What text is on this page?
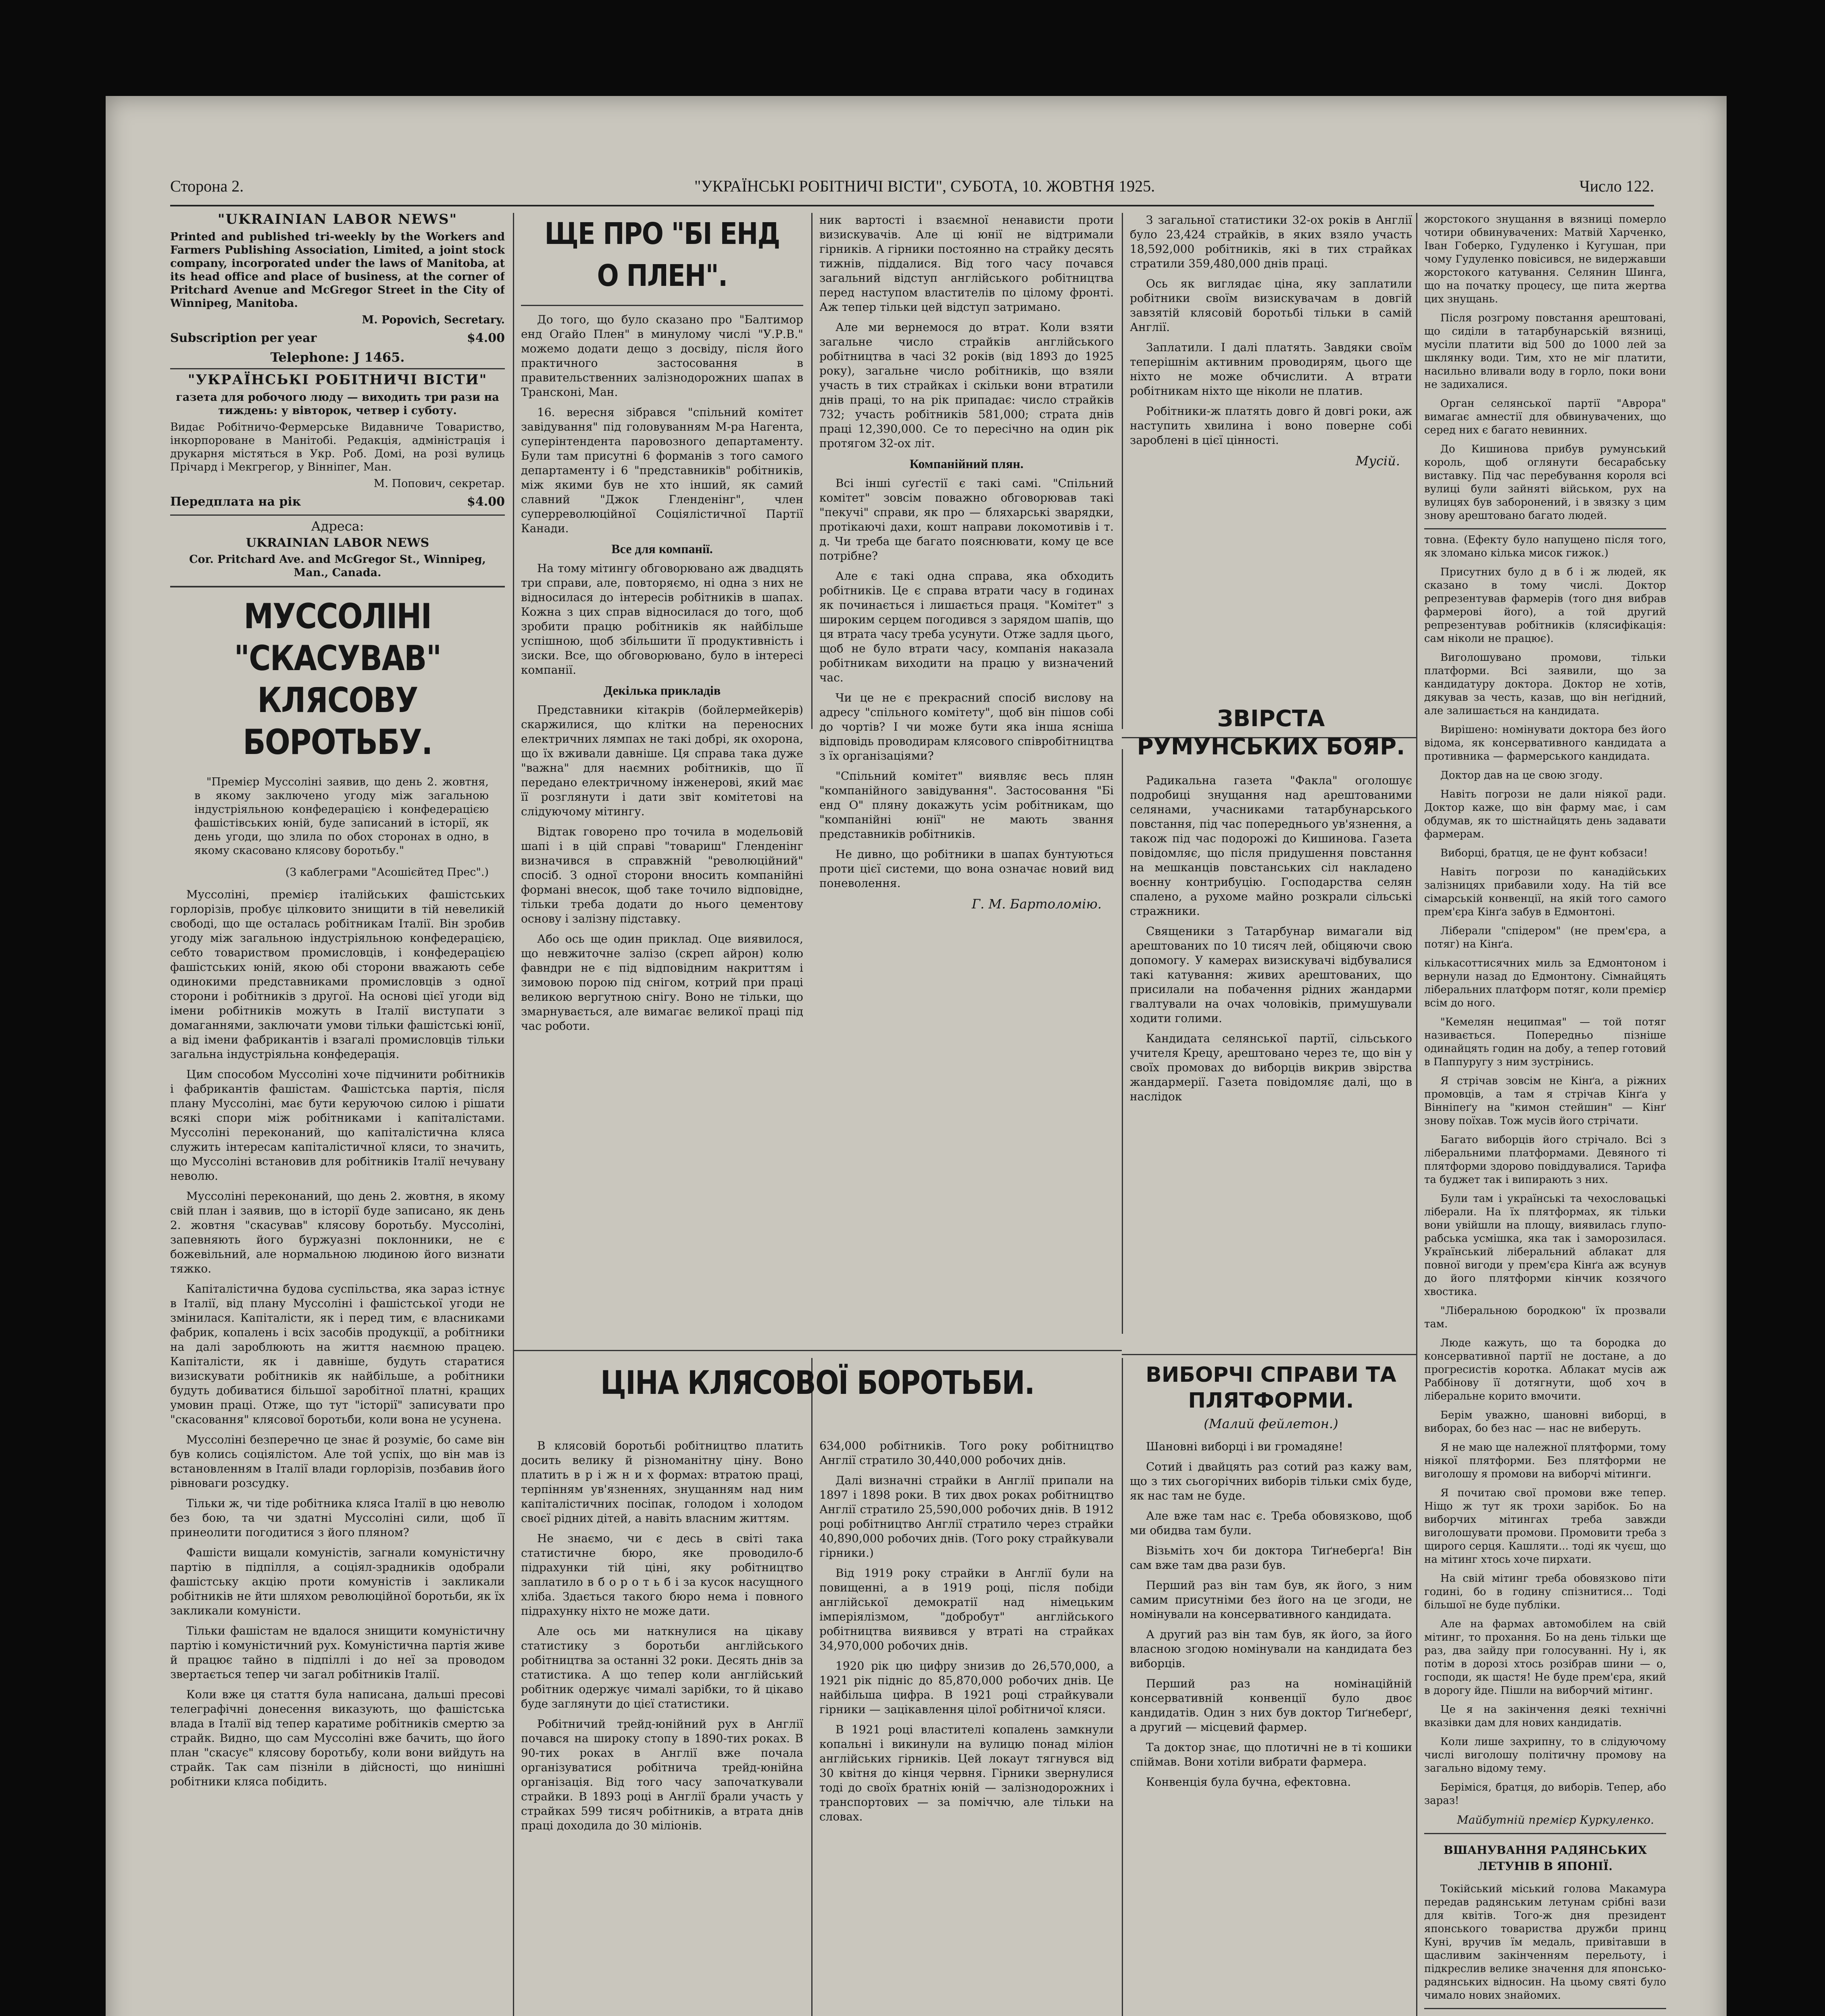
Сторона 2.	"УКРАЇНСЬКІ РОБІТНИЧІ ВІСТИ", СУБОТА, 10. ЖОВТНЯ 1925.	Число 122.
"UKRAINIAN LABOR NEWS"
Printed and published tri-weekly by the Workers and Farmers Publishing Association, Limited, a joint stock company, incorporated under the laws of Manitoba, at its head office and place of business, at the corner of Pritchard Avenue and McGregor Street in the City of Winnipeg, Manitoba.
M. Popovich, Secretary.
Subscription per year	$4.00
Telephone: J 1465.
"УКРАЇНСЬКІ РОБІТНИЧІ ВІСТИ"
газета для робочого люду — виходить три рази на тиждень: у вівторок, четвер і суботу.
Видає Робітничо-Фермерське Видавниче Товариство, інкорпороване в Манітобі. Редакція, адміністрація і друкарня містяться в Укр. Роб. Домі, на розі вулиць Прічард і Мекгрегор, у Вінніпег, Ман.
М. Попович, секретар.
Передплата на рік	$4.00
Адреса:
UKRAINIAN LABOR NEWS
Cor. Pritchard Ave. and McGregor St., Winnipeg, Man., Canada.
МУССОЛІНІ "СКАСУВАВ" КЛЯСОВУ БОРОТЬБУ.
"Премієр Муссоліні заявив, що день 2. жовтня, в якому заключено угоду між загальною індустріяльною конфедерацією і конфедерацією фашістівських юній, буде записаний в історії, як день угоди, що злила по обох сторонах в одно, в якому скасовано клясову боротьбу."
(З каблеграми "Асошієйтед Прес".)

Муссоліні, премієр італійських фашістських горлорізів, пробує цілковито знищити в тій невеликій свободі, що ще осталась робітникам Італії. Він зробив угоду між загальною індустріяльною конфедерацією, себто товариством промисловців, і конфедерацією фашістських юній, якою обі сторони вважають себе одинокими представниками промисловців з одної сторони і робітників з другої. На основі цієї угоди від імени робітників можуть в Італії виступати з домаганнями, заключати умови тільки фашістські юнії, а від імени фабрикантів і взагалі промисловців тільки загальна індустріяльна конфедерація.

Цим способом Муссоліні хоче підчинити робітників і фабрикантів фашістам. Фашістська партія, після плану Муссоліні, має бути керуючою силою і рішати всякі спори між робітниками і капіталістами. Муссоліні переконаний, що капіталістична кляса служить інтересам капіталістичної кляси, то значить, що Муссоліні встановив для робітників Італії нечувану неволю.

Муссоліні переконаний, що день 2. жовтня, в якому свій план і заявив, що в історії буде записано, як день 2. жовтня "скасував" клясову боротьбу. Муссоліні, запевняють його буржуазні поклонники, не є божевільний, але нормальною людиною його визнати тяжко.

Капіталістична будова суспільства, яка зараз істнує в Італії, від плану Муссоліні і фашістської угоди не змінилася. Капіталісти, як і перед тим, є власниками фабрик, копалень і всіх засобів продукції, а робітники на далі зароблюють на життя наємною працею. Капіталісти, як і давніше, будуть старатися визискувати робітників як найбільше, а робітники будуть добиватися більшої заробітної платні, кращих умовин праці. Отже, що тут "історії" записувати про "скасовання" клясової боротьби, коли вона не усунена.

Муссоліні безперечно це знає й розуміє, бо саме він був колись соціялістом. Але той успіх, що він мав із встановленням в Італії влади горлорізів, позбавив його рівноваги розсудку.

Тільки ж, чи тіде робітника кляса Італії в цю неволю без бою, та чи здатні Муссоліні сили, щоб її принеолити погодитися з його пляном?

Фашісти вищали комуністів, загнали комуністичну партію в підпілля, а соціял-зрадників одобрали фашістську акцію проти комуністів і закликали робітників не йти шляхом революційної боротьби, як їх закликали комуністи.

Тільки фашістам не вдалося знищити комуністичну партію і комуністичний рух. Комуністична партія живе й працює тайно в підпіллі і до неї за проводом звертається тепер чи загал робітників Італії.

Коли вже ця стаття була написана, дальші пресові телеграфічні донесення виказують, що фашістська влада в Італії від тепер каратиме робітників смертю за страйк. Видно, що сам Муссоліні вже бачить, що його план "скасує" клясову боротьбу, коли вони вийдуть на страйк. Так сам пізніли в дійсності, що нинішні робітники кляса побідить.

ЩЕ ПРО "БІ ЕНД О ПЛЕН".

До того, що було сказано про "Балтимор енд Огайо Плен" в минулому числі "У.Р.В." можемо додати дещо з досвіду, після його практичного застосовання в правительственних залізнодорожних шапах в Трансконі, Ман.

16. вересня зібрався "спільний комітет завідування" під головуванням М-ра Нагента, суперінтендента паровозного департаменту. Були там присутні 6 форманів з того самого департаменту і 6 "представників" робітників, між якими був не хто інший, як самий славний "Джок Гленденінг", член суперреволюційної Соціялістичної Партії Канади.

Все для компанії.

На тому мітингу обговорювано аж двадцять три справи, але, повторяємо, ні одна з них не відносилася до інтересів робітників в шапах. Кожна з цих справ відносилася до того, щоб зробити працю робітників як найбільше успішною, щоб збільшити її продуктивність і зиски. Все, що обговорювано, було в інтересі компанії.

Декілька прикладів

Представники кітакрів (бойлермейкерів) скаржилися, що клітки на переносних електричних лямпах не такі добрі, як охорона, що їх вживали давніше. Ця справа така дуже "важна" для наємних робітників, що її передано електричному інженерові, який має її розглянути і дати звіт комітетові на слідуючому мітингу.

Відтак говорено про точила в модельовій шапі і в цій справі "товариш" Гленденінг визначився в справжній "революційний" спосіб. З одної сторони вносить компанійні формані внесок, щоб таке точило відповідне, тільки треба додати до нього цементову основу і залізну підставку.

Або ось ще один приклад. Оце виявилося, що невжиточне залізо (скреп айрон) колю фавндри не є під відповідним накриттям і зимовою порою під снігом, котрий при праці великою вергутною снігу. Воно не тільки, що змарнувається, але вимагає великої праці під час роботи.

ник вартості і взаємної ненависти проти визискувачів. Але ці юнії не відтримали гірників. А гірники постоянно на страйку десять тижнів, піддалися. Від того часу почався загальний відступ англійського робітництва перед наступом властителів по цілому фронті. Аж тепер тільки цей відступ затримано.

Але ми вернемося до втрат. Коли взяти загальне число страйків англійського робітництва в часі 32 років (від 1893 до 1925 року), загальне число робітників, що взяли участь в тих страйках і скільки вони втратили днів праці, то на рік припадає: число страйків 732; участь робітників 581,000; страта днів праці 12,390,000. Се то пересічно на один рік протягом 32-ох літ.

Компанійний плян.

Всі інші суґестії є такі самі. "Спільний комітет" зовсім поважно обговорював такі "пекучі" справи, як про — бляхарські зварядки, протікаючі дахи, кошт направи локомотивів і т. д. Чи треба ще багато пояснювати, кому це все потрібне?

Але є такі одна справа, яка обходить робітників. Це є справа втрати часу в годинах як починається і лишається праця. "Комітет" з широким серцем погодився з зарядом шапів, що ця втрата часу треба усунути. Отже задля цього, щоб не було втрати часу, компанія наказала робітникам виходити на працю у визначений час.

Чи це не є прекрасний спосіб вислову на адресу "спільного комітету", щоб він пішов собі до чортів? І чи може бути яка інша ясніша відповідь проводирам клясового співробітництва з їх організаціями?

"Спільний комітет" виявляє весь плян "компанійного завідування". Застосовання "Бі енд О" пляну докажуть усім робітникам, що "компанійні юнії" не мають звання представників робітників.

Не дивно, що робітники в шапах бунтуються проти цієї системи, що вона означає новий вид поневолення.

Г. М. Бартоломію.

З загальної статистики 32-ох років в Англії було 23,424 страйків, в яких взяло участь 18,592,000 робітників, які в тих страйках стратили 359,480,000 днів праці.

Ось як виглядає ціна, яку заплатили робітники своїм визискувачам в довгій завзятій клясовій боротьбі тільки в самій Англії.

Заплатили. І далі платять. Завдяки своїм теперішнім активним проводирям, цього ще ніхто не може обчислити. А втрати робітникам ніхто ще ніколи не платив.

Робітники-ж платять довго й довгі роки, аж наступить хвилина і воно поверне собі зароблені в цієї цінності.

Мусій.
ЗВІРСТА РУМУНСЬКИХ БОЯР.

Радикальна газета "Факла" оголошує подробиці знущання над арештованими селянами, учасниками татарбунарського повстання, під час попереднього ув'язнення, а також під час подорожі до Кишинова. Газета повідомляє, що після придушення повстання на мешканців повстанських сіл накладено воєнну контрибуцію. Господарства селян спалено, а рухоме майно розкрали сільські стражники.

Священики з Татарбунар вимагали від арештованих по 10 тисяч лей, обіцяючи свою допомогу. У камерах визискувачі відбувалися такі катування: живих арештованих, що присилали на побачення рідних жандарми гвалтували на очах чоловіків, примушували ходити голими.

Кандидата селянської партії, сільського учителя Крецу, арештовано через те, що він у своїх промовах до виборців викрив звірства жандармерії. Газета повідомляє далі, що в наслідок

ЦІНА КЛЯСОВОЇ БОРОТЬБИ.

В клясовій боротьбі робітництво платить досить велику й різноманітну ціну. Воно платить в р і ж н и х формах: втратою праці, терпінням ув'язненнях, знущанням над ним капіталістичних посіпак, голодом і холодом своєї рідних дітей, а навіть власним життям.

Не знаємо, чи є десь в світі така статистичне бюро, яке проводило-б підрахунки тій ціні, яку робітництво заплатило в б о р о т ь б і за кусок насущного хліба. Здається такого бюро нема і повного підрахунку ніхто не може дати.

Але ось ми наткнулися на цікаву статистику з боротьби англійського робітництва за останні 32 роки. Десять днів за статистика. А що тепер коли англійський робітник одержує чималі зарібки, то й цікаво буде заглянути до цієї статистики.

Робітничий трейд-юнійний рух в Англії почався на широку стопу в 1890-тих роках. В 90-тих роках в Англії вже почала організуватися робітнича трейд-юнійна організація. Від того часу започаткували страйки. В 1893 році в Англії брали участь у страйках 599 тисяч робітників, а втрата днів праці доходила до 30 міліонів.

634,000 робітників. Того року робітництво Англії стратило 30,440,000 робочих днів.

Далі визначні страйки в Англії припали на 1897 і 1898 роки. В тих двох роках робітництво Англії стратило 25,590,000 робочих днів. В 1912 році робітництво Англії стратило через страйки 40,890,000 робочих днів. (Того року страйкували гірники.)

Від 1919 року страйки в Англії були на повищенні, а в 1919 році, після побіди англійської демократії над німецьким імперіялізмом, "добробут" англійського робітництва виявився у втраті на страйках 34,970,000 робочих днів.

1920 рік цю цифру знизив до 26,570,000, а 1921 рік підніс до 85,870,000 робочих днів. Це найбільша цифра. В 1921 році страйкували гірники — зацікавлення цілої робітничої кляси.

В 1921 році властителі копалень замкнули копальні і викинули на вулицю понад міліон англійських гірників. Цей локаут тягнувся від 30 квітня до кінця червня. Гірники звернулися тоді до своїх братніх юній — залізнодорожних і транспортових — за поміччю, але тільки на словах.

ВИБОРЧІ СПРАВИ ТА ПЛЯТФОРМИ.
(Малий фейлетон.)

Шановні виборці і ви громадяне!

Сотий і двайцять раз сотий раз кажу вам, що з тих сьогорічних виборів тільки сміх буде, як нас там не буде.

Але вже там нас є. Треба обовязково, щоб ми обидва там були.

Візьміть хоч би доктора Тиґнеберґа! Він сам вже там два рази був.

Перший раз він там був, як його, з ним самим присутніми без його на це згоди, не номінували на консервативного кандидата.

А другий раз він там був, як його, за його власною згодою номінували на кандидата без виборців.

Перший раз на номінаційній консервативній конвенції було двоє кандидатів. Один з них був доктор Тиґнеберґ, а другий — місцевий фармер.

Та доктор знає, що плотичні не в ті кошики спіймав. Вони хотіли вибрати фармера.

Конвенція була бучна, ефектовна.

жорстокого знущання в вязниці померло чотири обвинувачених: Матвій Харченко, Іван Гоберко, Гудуленко і Кугушан, при чому Гудуленко повісився, не видержавши жорстокого катування. Селянин Шинга, що на початку процесу, ще пита жертва цих знущань.

Після розгрому повстання арештовані, що сиділи в татарбунарській вязниці, мусіли платити від 500 до 1000 лей за шклянку води. Тим, хто не міг платити, насильно вливали воду в горло, поки вони не задихалися.

Орган селянської партії "Аврора" вимагає амнестії для обвинувачених, що серед них є багато невинних.

До Кишинова прибув румунський король, щоб оглянути бесарабську виставку. Під час перебування короля всі вулиці були зайняті військом, рух на вулицях був заборонений, і в звязку з цим знову арештовано багато людей.

товна. (Ефекту було напущено після того, як зломано кілька мисок гижок.)

Присутних було д в б і ж людей, як сказано в тому числі. Доктор репрезентував фармерів (того дня вибрав фармерові його), а той другий репрезентував робітників (клясифікація: сам ніколи не працює).

Виголошувано промови, тільки платформи. Всі заявили, що за кандидатуру доктора. Доктор не хотів, дякував за честь, казав, що він неґідний, але залишається на кандидата.

Вирішено: номінувати доктора без його відома, як консервативного кандидата а противника — фармерського кандидата.

Доктор дав на це свою згоду.

Навіть погрози не дали ніякої ради. Доктор каже, що він фарму має, і сам обдумав, як то шістнайцять день задавати фармерам.

Виборці, братця, це не фунт кобзаси!

Навіть погрози по канадійських залізницях прибавили ходу. На тій все сімарській конвенції, на якій того самого прем'єра Кінґа забув в Едмонтоні.

Ліберали "спідером" (не прем'єра, а потяг) на Кінґа.

кількасоттисячних миль за Едмонтоном і вернули назад до Едмонтону. Сімнайцять ліберальних платформ потяг, коли премієр всім до ного.

"Кемелян неципмая" — той потяг називається. Попередньо пізніше одинайцять годин на добу, а тепер готовий в Паппуругу з ним зустрінись.

Я стрічав зовсім не Кінґа, а ріжних промовців, а там я стрічав Кінґа у Вінніпеґу на "кимон стейшин" — Кінґ знову поїхав. Тож мусів його стрічати.

Багато виборців його стрічало. Всі з ліберальними платформами. Девяного ті плятформи здорово повіддувалися. Тарифа та буджет так і випирають з них.

Були там і українські та чехословацькі ліберали. На їх плятформах, як тільки вони увійшли на площу, виявилась глупо-рабська усмішка, яка так і заморозилася. Український ліберальний аблакат для повної вигоди у прем'єра Кінґа аж всунув до його плятформи кінчик козячого хвостика.

"Ліберальною бородкою" їх прозвали там.

Люде кажуть, що та бородка до консервативної партії не достане, а до прогресистів коротка. Аблакат мусів аж Раббінову її дотягнути, щоб хоч в ліберальне корито вмочити.

Берім уважно, шановні виборці, в виборах, бо без нас — нас не виберуть.

Я не маю ще належної плятформи, тому ніякої плятформи. Без плятформи не виголошу я промови на виборчі мітинги.

Я почитаю свої промови вже тепер. Ніщо ж тут як трохи зарібок. Бо на виборчих мітингах треба завжди виголошувати промови. Промовити треба з щирого серця. Кашляти... тоді як чуєш, що на мітинг хтось хоче пирхати.

На свій мітинг треба обовязково піти годині, бо в годину спізнитися... Тоді більшої не буде публіки.

Але на фармах автомобілем на свій мітинг, то прохання. Бо на день тільки ще раз, два зайду при голосуванні. Ну і, як потім в дорозі хтось розібрав шини — о, господи, як щастя! Не буде прем'єра, який в дорогу йде. Пішли на виборчий мітинг.

Це я на закінчення деякі технічні вказівки дам для нових кандидатів.

Коли лише захрипну, то в слідуючому числі виголошу політичну промову на загально відому тему.

Беріміся, братця, до виборів. Тепер, або зараз!

Майбутній премієр Куркуленко.
ВШАНУВАННЯ РАДЯНСЬКИХ ЛЕТУНІВ В ЯПОНІЇ.

Токійський міський голова Макамура передав радянським летунам срібні вази для квітів. Того-ж дня президент японського товариства дружби принц Куні, вручив їм медаль, привітавши в щасливим закінченням перельоту, і підкреслив велике значення для японсько-радянських відносин. На цьому святі було чимало нових знайомих.
